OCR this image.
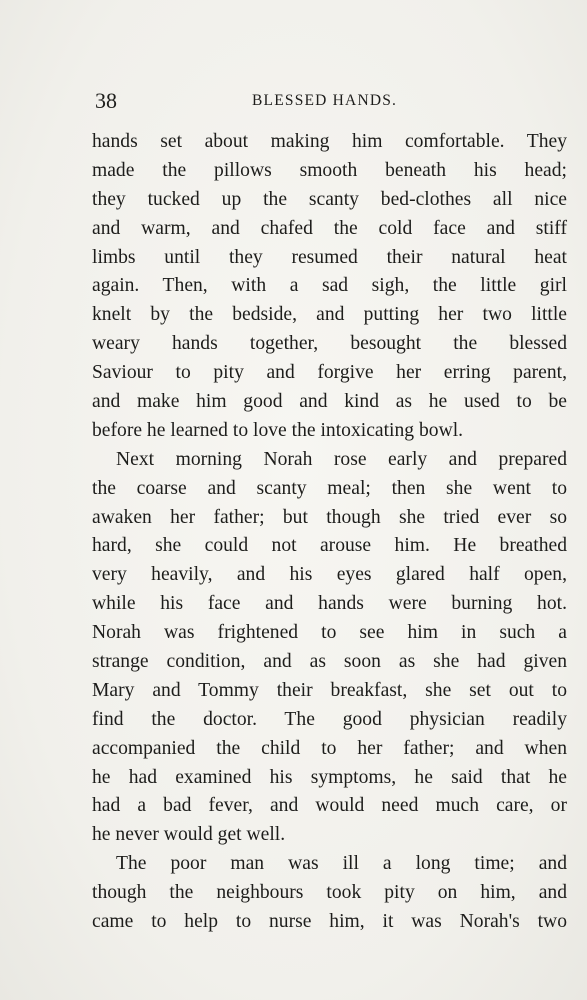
38	BLESSED HANDS.
hands set about making him comfortable. They
made the pillows smooth beneath his head;
they tucked up the scanty bed-clothes all nice
and warm, and chafed the cold face and stiff
limbs until they resumed their natural heat
again. Then, with a sad sigh, the little girl
knelt by the bedside, and putting her two little
weary hands together, besought the blessed
Saviour to pity and forgive her erring parent,
and make him good and kind as he used to be
before he learned to love the intoxicating bowl.
Next morning Norah rose early and prepared
the coarse and scanty meal; then she went to
awaken her father; but though she tried ever so
hard, she could not arouse him. He breathed
very heavily, and his eyes glared half open,
while his face and hands were burning hot.
Norah was frightened to see him in such a
strange condition, and as soon as she had given
Mary and Tommy their breakfast, she set out to
find the doctor. The good physician readily
accompanied the child to her father; and when
he had examined his symptoms, he said that he
had a bad fever, and would need much care, or
he never would get well.
The poor man was ill a long time; and
though the neighbours took pity on him, and
came to help to nurse him, it was Norah's two
